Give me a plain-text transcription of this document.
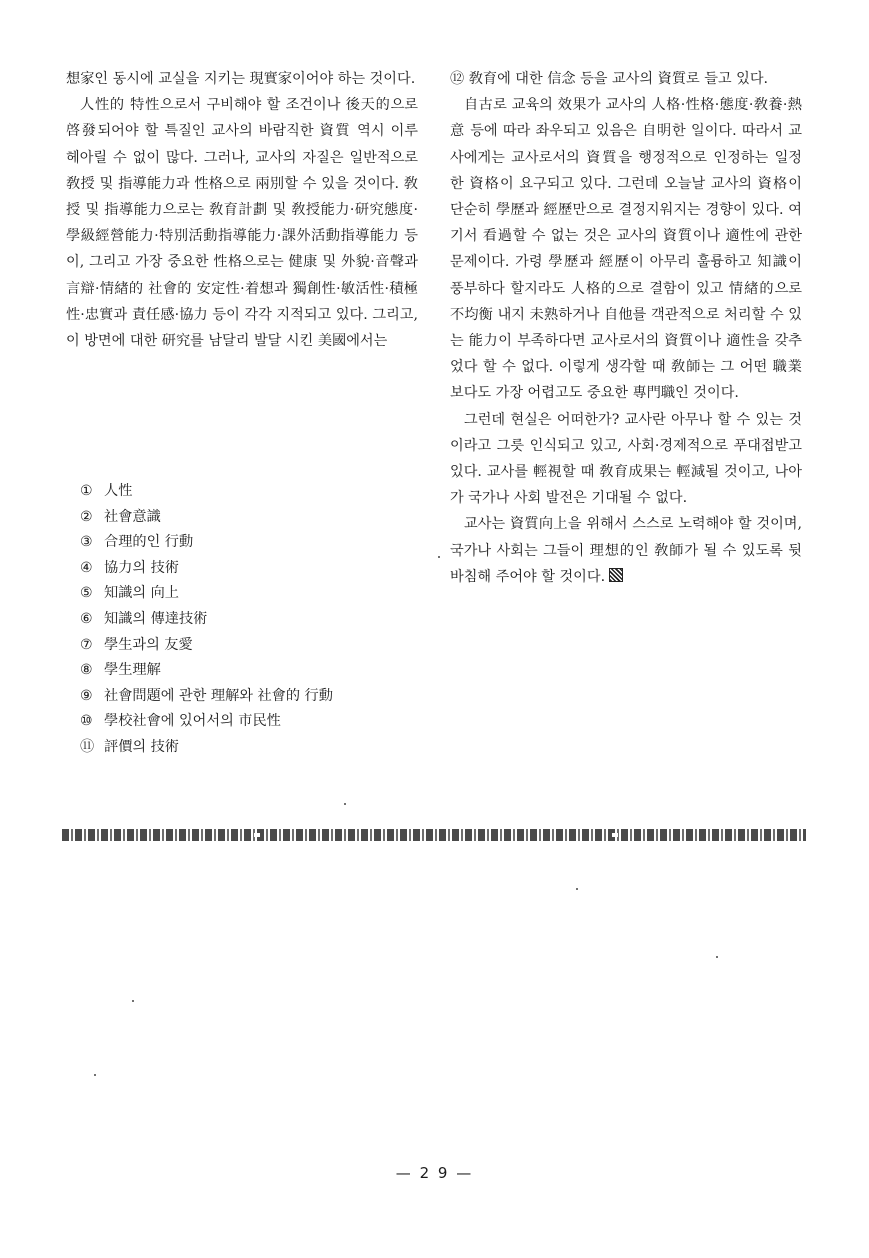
想家인 동시에 교실을 지키는 現實家이어야 하는 것이다.

人性的 特性으로서 구비해야 할 조건이나 後天的으로 啓發되어야 할 특질인 교사의 바람직한 資質 역시 이루 헤아릴 수 없이 많다. 그러나, 교사의 자질은 일반적으로 敎授 및 指導能力과 性格으로 兩別할 수 있을 것이다. 敎授 및 指導能力으로는 敎育計劃 및 敎授能力·研究態度·學級經營能力·特別活動指導能力·課外活動指導能力 등이, 그리고 가장 중요한 性格으로는 健康 및 外貌·音聲과 言辯·情緖的 社會的 安定性·着想과 獨創性·敏活性·積極性·忠實과 責任感·協力 등이 각각 지적되고 있다. 그리고, 이 방면에 대한 研究를 남달리 발달 시킨 美國에서는

① 人性
② 社會意識
③ 合理的인 行動
④ 協力의 技術
⑤ 知識의 向上
⑥ 知識의 傳達技術
⑦ 學生과의 友愛
⑧ 學生理解
⑨ 社會問題에 관한 理解와 社會的 行動
⑩ 學校社會에 있어서의 市民性
⑪ 評價의 技術

⑫ 敎育에 대한 信念 등을 교사의 資質로 들고 있다.

自古로 교육의 效果가 교사의 人格·性格·態度·敎養·熱意 등에 따라 좌우되고 있음은 自明한 일이다. 따라서 교사에게는 교사로서의 資質을 행정적으로 인정하는 일정한 資格이 요구되고 있다. 그런데 오늘날 교사의 資格이 단순히 學歷과 經歷만으로 결정지워지는 경향이 있다. 여기서 看過할 수 없는 것은 교사의 資質이나 適性에 관한 문제이다. 가령 學歷과 經歷이 아무리 훌륭하고 知識이 풍부하다 할지라도 人格的으로 결함이 있고 情緖的으로 不均衡 내지 未熟하거나 自他를 객관적으로 처리할 수 있는 能力이 부족하다면 교사로서의 資質이나 適性을 갖추었다 할 수 없다. 이렇게 생각할 때 敎師는 그 어떤 職業보다도 가장 어렵고도 중요한 專門職인 것이다.

그런데 현실은 어떠한가? 교사란 아무나 할 수 있는 것이라고 그릇 인식되고 있고, 사회·경제적으로 푸대접받고 있다. 교사를 輕視할 때 敎育成果는 輕減될 것이고, 나아가 국가나 사회 발전은 기대될 수 없다.

교사는 資質向上을 위해서 스스로 노력해야 할 것이며, 국가나 사회는 그들이 理想的인 敎師가 될 수 있도록 뒷바침해 주어야 할 것이다.

— 2 9 —
